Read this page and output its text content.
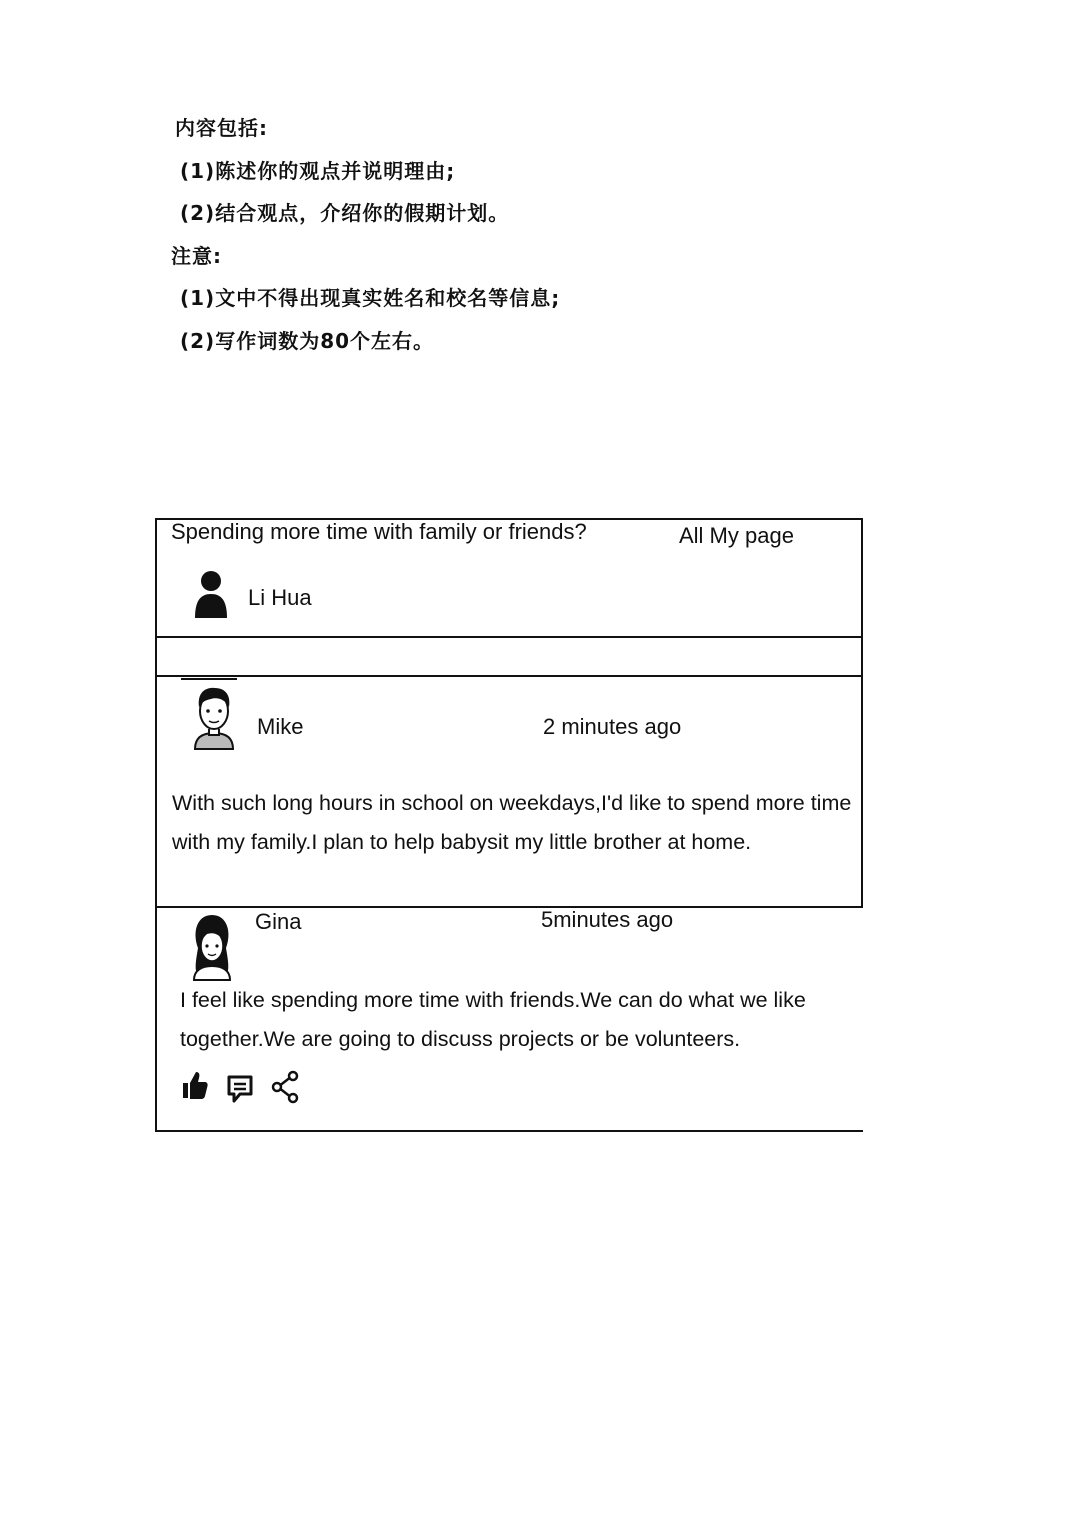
内容包括:
(1)陈述你的观点并说明理由;
(2)结合观点，介绍你的假期计划。
注意:
(1)文中不得出现真实姓名和校名等信息;
(2)写作词数为80个左右。
Spending more time with family or friends?	All My page
Li Hua
Mike	2 minutes ago
With such long hours in school on weekdays,I'd like to spend more time with my family.I plan to help babysit my little brother at home.
Gina	5minutes ago
I feel like spending more time with friends.We can do what we like together.We are going to discuss projects or be volunteers.
